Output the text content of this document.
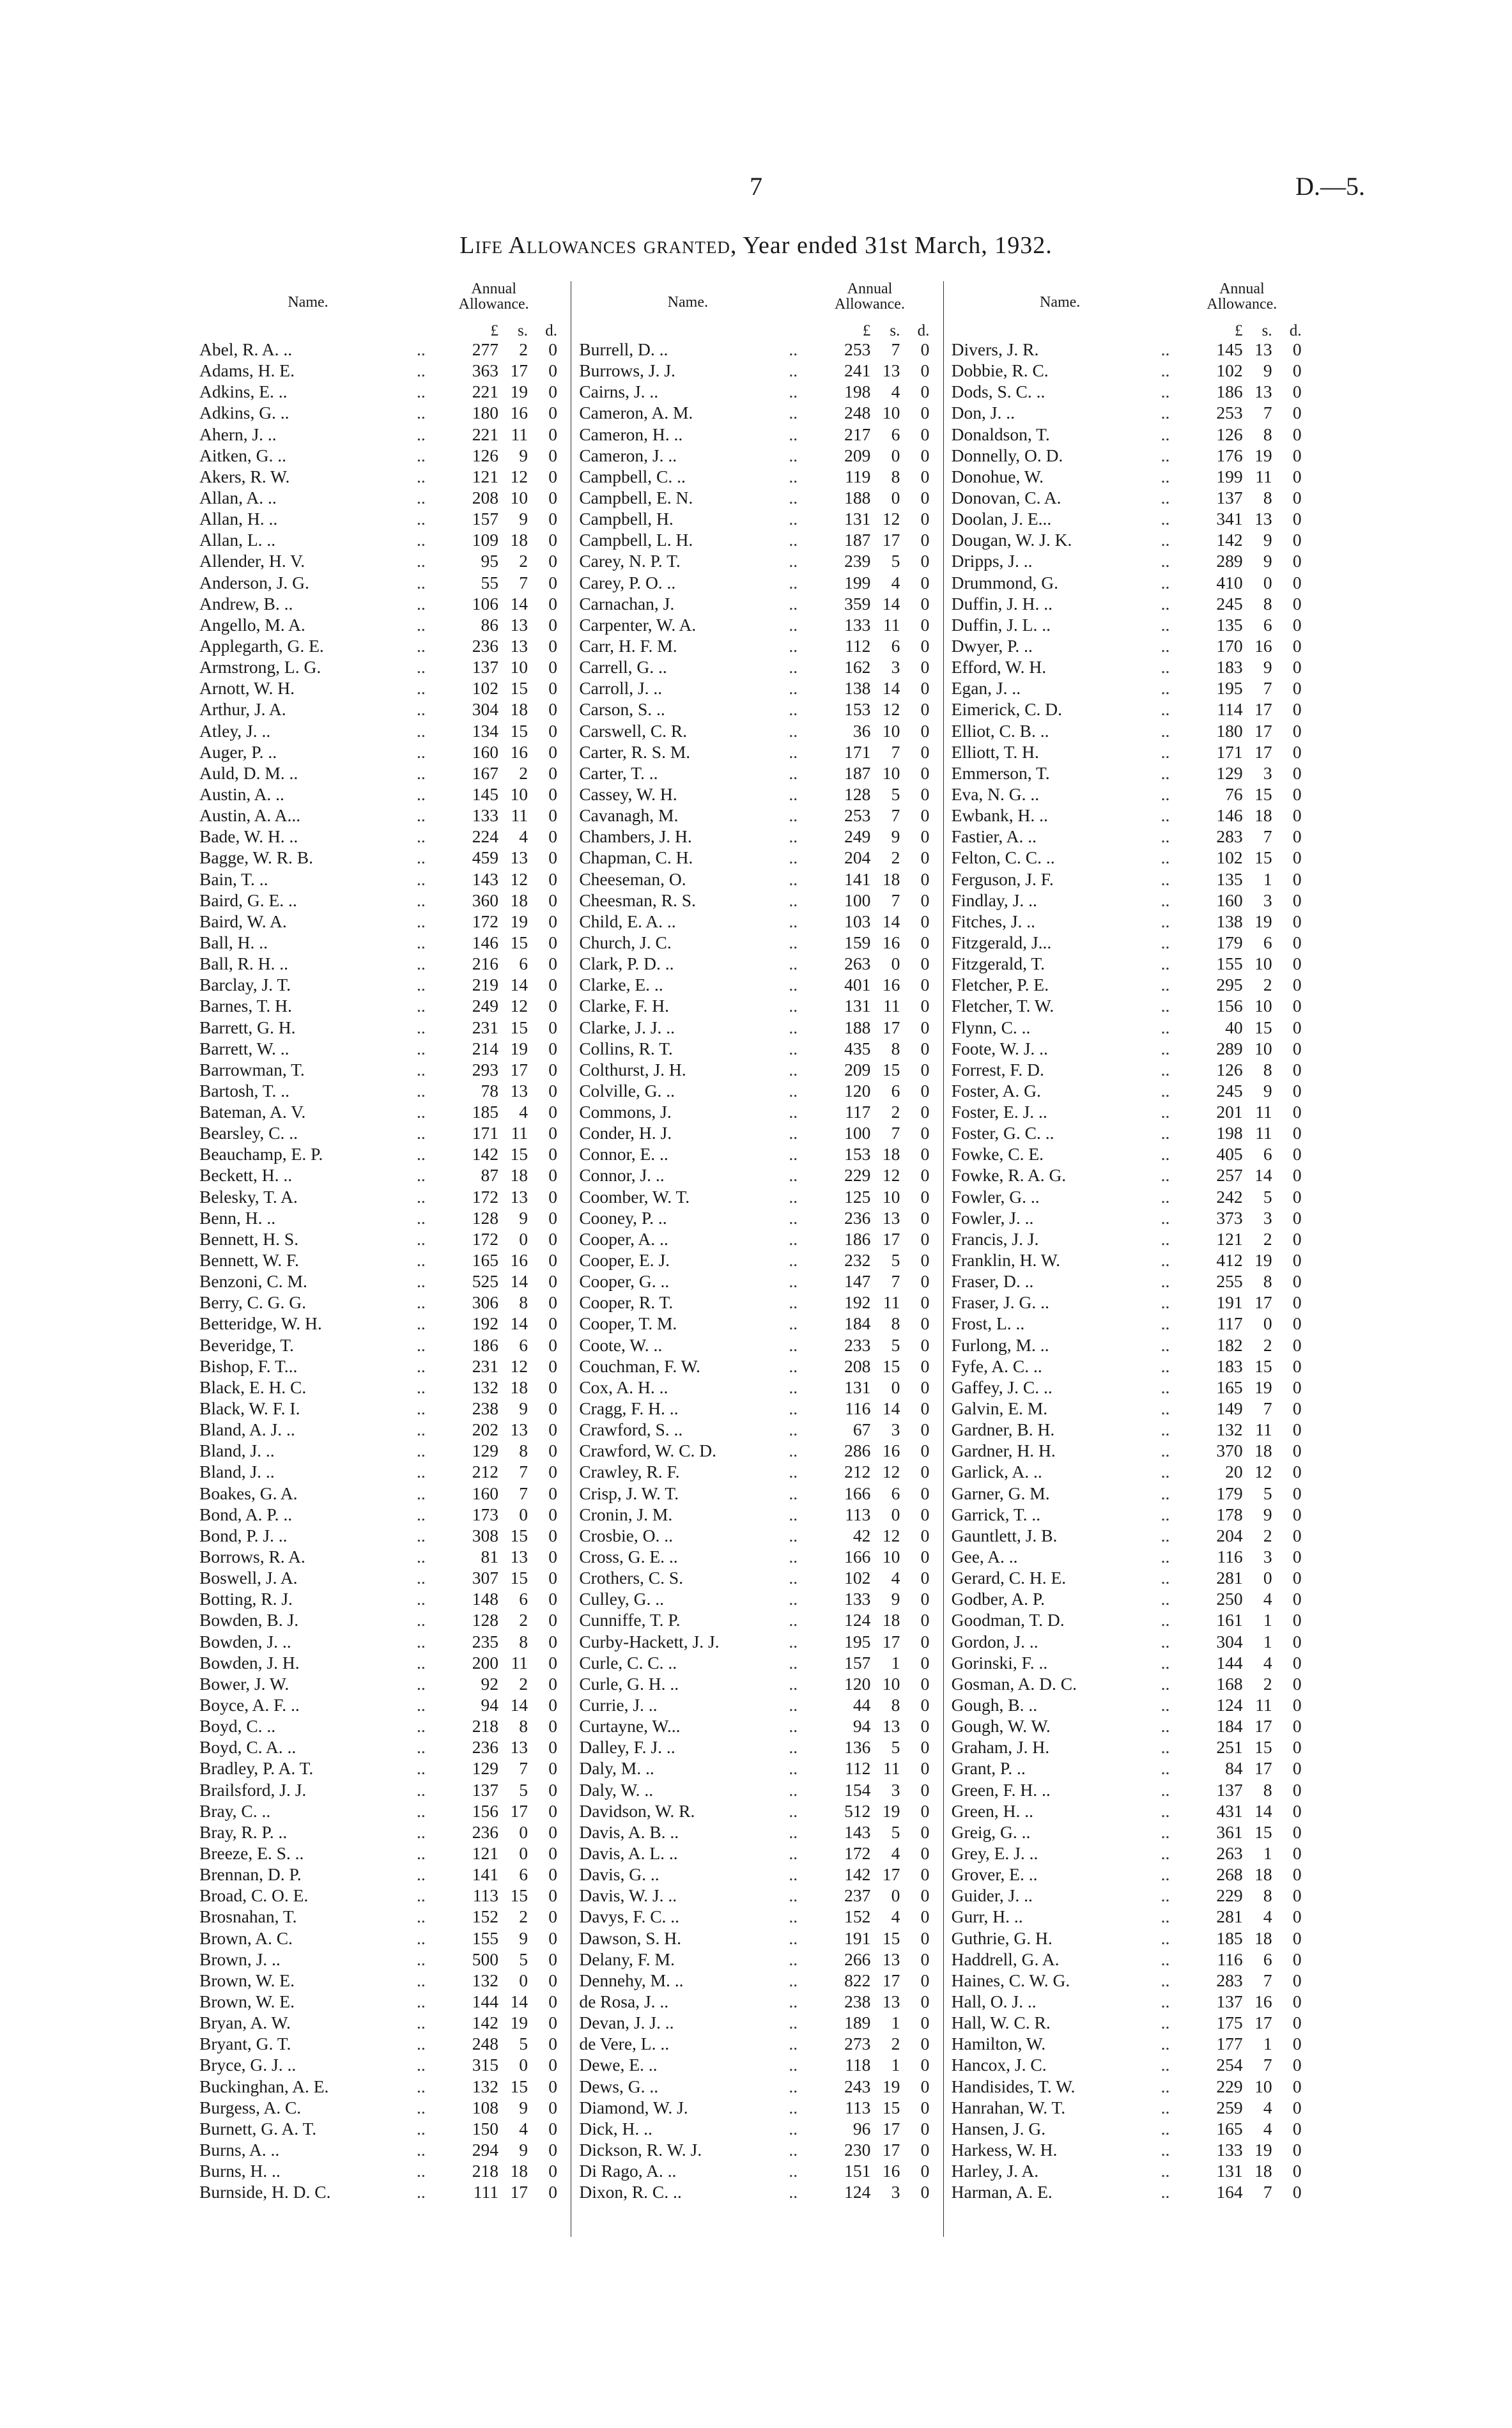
7	D.—5.
Life Allowances granted, Year ended 31st March, 1932.
Name.
Annual
Allowance.
£	s.	d.
Abel, R. A. ..	..	277	2	0
Adams, H. E.	..	363 17	0
Adkins, E. ..	..	221 19	0
Adkins, G. ..	..	180 16	0
Ahern, J. ..	..	221 11	0
Aitken, G. ..	..	126	9	0
Akers, R. W.	..	121 12	0
Allan, A. ..	..	208 10	0
Allan, H. ..	..	157	9	0
Allan, L. ..	..	109 18	0
Allender, H. V.	..	95	2	0
Anderson, J. G.	..	55	7	0
Andrew, B. ..	..	106 14	0
Angello, M. A.	..	86 13	0
Applegarth, G. E.	..	236 13	0
Armstrong, L. G.	..	137 10	0
Arnott, W. H.	..	102 15	0
Arthur, J. A.	..	304 18	0
Atley, J. ..	..	134 15	0
Auger, P. ..	..	160 16	0
Auld, D. M. ..	..	167	2	0
Austin, A. ..	..	145 10	0
Austin, A. A...	..	133 11	0
Bade, W. H. ..	..	224	4	0
Bagge, W. R. B.	..	459 13	0
Bain, T. ..	..	143 12	0
Baird, G. E. ..	..	360 18	0
Baird, W. A.	..	172 19	0
Ball, H. ..	..	146 15	0
Ball, R. H. ..	..	216	6	0
Barclay, J. T.	..	219 14	0
Barnes, T. H.	..	249 12	0
Barrett, G. H.	..	231 15	0
Barrett, W. ..	..	214 19	0
Barrowman, T.	..	293 17	0
Bartosh, T. ..	..	78 13	0
Bateman, A. V.	..	185	4	0
Bearsley, C. ..	..	171 11	0
Beauchamp, E. P.	..	142 15	0
Beckett, H. ..	..	87 18	0
Belesky, T. A.	..	172 13	0
Benn, H. ..	..	128	9	0
Bennett, H. S.	..	172	0	0
Bennett, W. F.	..	165 16	0
Benzoni, C. M.	..	525 14	0
Berry, C. G. G.	..	306	8	0
Betteridge, W. H.	..	192 14	0
Beveridge, T.	..	186	6	0
Bishop, F. T...	..	231 12	0
Black, E. H. C.	..	132 18	0
Black, W. F. I.	..	238	9	0
Bland, A. J. ..	..	202 13	0
Bland, J. ..	..	129	8	0
Bland, J. ..	..	212	7	0
Boakes, G. A.	..	160	7	0
Bond, A. P. ..	..	173	0	0
Bond, P. J. ..	..	308 15	0
Borrows, R. A.	..	81 13	0
Boswell, J. A.	..	307 15	0
Botting, R. J.	..	148	6	0
Bowden, B. J.	..	128	2	0
Bowden, J. ..	..	235	8	0
Bowden, J. H.	..	200 11	0
Bower, J. W.	..	92	2	0
Boyce, A. F. ..	..	94 14	0
Boyd, C. ..	..	218	8	0
Boyd, C. A. ..	..	236 13	0
Bradley, P. A. T.	..	129	7	0
Brailsford, J. J.	..	137	5	0
Bray, C. ..	..	156 17	0
Bray, R. P. ..	..	236	0	0
Breeze, E. S. ..	..	121	0	0
Brennan, D. P.	..	141	6	0
Broad, C. O. E.	..	113 15	0
Brosnahan, T.	..	152	2	0
Brown, A. C.	..	155	9	0
Brown, J. ..	..	500	5	0
Brown, W. E.	..	132	0	0
Brown, W. E.	..	144 14	0
Bryan, A. W.	..	142 19	0
Bryant, G. T.	..	248	5	0
Bryce, G. J. ..	..	315	0	0
Buckinghan, A. E.	..	132 15	0
Burgess, A. C.	..	108	9	0
Burnett, G. A. T.	..	150	4	0
Burns, A. ..	..	294	9	0
Burns, H. ..	..	218 18	0
Burnside, H. D. C.	..	111 17	0
Name.
Annual
Allowance.
£	s.	d.
Burrell, D. ..	..	253	7	0
Burrows, J. J.	..	241 13	0
Cairns, J. ..	..	198	4	0
Cameron, A. M.	..	248 10	0
Cameron, H. ..	..	217	6	0
Cameron, J. ..	..	209	0	0
Campbell, C. ..	..	119	8	0
Campbell, E. N.	..	188	0	0
Campbell, H.	..	131 12	0
Campbell, L. H.	..	187 17	0
Carey, N. P. T.	..	239	5	0
Carey, P. O. ..	..	199	4	0
Carnachan, J.	..	359 14	0
Carpenter, W. A.	..	133 11	0
Carr, H. F. M.	..	112	6	0
Carrell, G. ..	..	162	3	0
Carroll, J. ..	..	138 14	0
Carson, S. ..	..	153 12	0
Carswell, C. R.	..	36 10	0
Carter, R. S. M.	..	171	7	0
Carter, T. ..	..	187 10	0
Cassey, W. H.	..	128	5	0
Cavanagh, M.	..	253	7	0
Chambers, J. H.	..	249	9	0
Chapman, C. H.	..	204	2	0
Cheeseman, O.	..	141 18	0
Cheesman, R. S.	..	100	7	0
Child, E. A. ..	..	103 14	0
Church, J. C.	..	159 16	0
Clark, P. D. ..	..	263	0	0
Clarke, E. ..	..	401 16	0
Clarke, F. H.	..	131 11	0
Clarke, J. J. ..	..	188 17	0
Collins, R. T.	..	435	8	0
Colthurst, J. H.	..	209 15	0
Colville, G. ..	..	120	6	0
Commons, J.	..	117	2	0
Conder, H. J.	..	100	7	0
Connor, E. ..	..	153 18	0
Connor, J. ..	..	229 12	0
Coomber, W. T.	..	125 10	0
Cooney, P. ..	..	236 13	0
Cooper, A. ..	..	186 17	0
Cooper, E. J.	..	232	5	0
Cooper, G. ..	..	147	7	0
Cooper, R. T.	..	192 11	0
Cooper, T. M.	..	184	8	0
Coote, W. ..	..	233	5	0
Couchman, F. W.	..	208 15	0
Cox, A. H. ..	..	131	0	0
Cragg, F. H. ..	..	116 14	0
Crawford, S. ..	..	67	3	0
Crawford, W. C. D.	..	286 16	0
Crawley, R. F.	..	212 12	0
Crisp, J. W. T.	..	166	6	0
Cronin, J. M.	..	113	0	0
Crosbie, O. ..	..	42 12	0
Cross, G. E. ..	..	166 10	0
Crothers, C. S.	..	102	4	0
Culley, G. ..	..	133	9	0
Cunniffe, T. P.	..	124 18	0
Curby-Hackett, J. J.	..	195 17	0
Curle, C. C. ..	..	157	1	0
Curle, G. H. ..	..	120 10	0
Currie, J. ..	..	44	8	0
Curtayne, W...	..	94 13	0
Dalley, F. J. ..	..	136	5	0
Daly, M. ..	..	112 11	0
Daly, W. ..	..	154	3	0
Davidson, W. R.	..	512 19	0
Davis, A. B. ..	..	143	5	0
Davis, A. L. ..	..	172	4	0
Davis, G. ..	..	142 17	0
Davis, W. J. ..	..	237	0	0
Davys, F. C. ..	..	152	4	0
Dawson, S. H.	..	191 15	0
Delany, F. M.	..	266 13	0
Dennehy, M. ..	..	822 17	0
de Rosa, J. ..	..	238 13	0
Devan, J. J. ..	..	189	1	0
de Vere, L. ..	..	273	2	0
Dewe, E. ..	..	118	1	0
Dews, G. ..	..	243 19	0
Diamond, W. J.	..	113 15	0
Dick, H. ..	..	96 17	0
Dickson, R. W. J.	..	230 17	0
Di Rago, A. ..	..	151 16	0
Dixon, R. C. ..	..	124	3	0
Name.
Annual
Allowance.
£	s.	d.
Divers, J. R.	..	145 13	0
Dobbie, R. C.	..	102	9	0
Dods, S. C. ..	..	186 13	0
Don, J. ..	..	253	7	0
Donaldson, T.	..	126	8	0
Donnelly, O. D.	..	176 19	0
Donohue, W.	..	199 11	0
Donovan, C. A.	..	137	8	0
Doolan, J. E...	..	341 13	0
Dougan, W. J. K.	..	142	9	0
Dripps, J. ..	..	289	9	0
Drummond, G.	..	410	0	0
Duffin, J. H. ..	..	245	8	0
Duffin, J. L. ..	..	135	6	0
Dwyer, P. ..	..	170 16	0
Efford, W. H.	..	183	9	0
Egan, J. ..	..	195	7	0
Eimerick, C. D.	..	114 17	0
Elliot, C. B. ..	..	180 17	0
Elliott, T. H.	..	171 17	0
Emmerson, T.	..	129	3	0
Eva, N. G. ..	..	76 15	0
Ewbank, H. ..	..	146 18	0
Fastier, A. ..	..	283	7	0
Felton, C. C. ..	..	102 15	0
Ferguson, J. F.	..	135	1	0
Findlay, J. ..	..	160	3	0
Fitches, J. ..	..	138 19	0
Fitzgerald, J...	..	179	6	0
Fitzgerald, T.	..	155 10	0
Fletcher, P. E.	..	295	2	0
Fletcher, T. W.	..	156 10	0
Flynn, C. ..	..	40 15	0
Foote, W. J. ..	..	289 10	0
Forrest, F. D.	..	126	8	0
Foster, A. G.	..	245	9	0
Foster, E. J. ..	..	201 11	0
Foster, G. C. ..	..	198 11	0
Fowke, C. E.	..	405	6	0
Fowke, R. A. G.	..	257 14	0
Fowler, G. ..	..	242	5	0
Fowler, J. ..	..	373	3	0
Francis, J. J.	..	121	2	0
Franklin, H. W.	..	412 19	0
Fraser, D. ..	..	255	8	0
Fraser, J. G. ..	..	191 17	0
Frost, L. ..	..	117	0	0
Furlong, M. ..	..	182	2	0
Fyfe, A. C. ..	..	183 15	0
Gaffey, J. C. ..	..	165 19	0
Galvin, E. M.	..	149	7	0
Gardner, B. H.	..	132 11	0
Gardner, H. H.	..	370 18	0
Garlick, A. ..	..	20 12	0
Garner, G. M.	..	179	5	0
Garrick, T. ..	..	178	9	0
Gauntlett, J. B.	..	204	2	0
Gee, A. ..	..	116	3	0
Gerard, C. H. E.	..	281	0	0
Godber, A. P.	..	250	4	0
Goodman, T. D.	..	161	1	0
Gordon, J. ..	..	304	1	0
Gorinski, F. ..	..	144	4	0
Gosman, A. D. C.	..	168	2	0
Gough, B. ..	..	124 11	0
Gough, W. W.	..	184 17	0
Graham, J. H.	..	251 15	0
Grant, P. ..	..	84 17	0
Green, F. H. ..	..	137	8	0
Green, H. ..	..	431 14	0
Greig, G. ..	..	361 15	0
Grey, E. J. ..	..	263	1	0
Grover, E. ..	..	268 18	0
Guider, J. ..	..	229	8	0
Gurr, H. ..	..	281	4	0
Guthrie, G. H.	..	185 18	0
Haddrell, G. A.	..	116	6	0
Haines, C. W. G.	..	283	7	0
Hall, O. J. ..	..	137 16	0
Hall, W. C. R.	..	175 17	0
Hamilton, W.	..	177	1	0
Hancox, J. C.	..	254	7	0
Handisides, T. W.	..	229 10	0
Hanrahan, W. T.	..	259	4	0
Hansen, J. G.	..	165	4	0
Harkess, W. H.	..	133 19	0
Harley, J. A.	..	131 18	0
Harman, A. E.	..	164	7	0
